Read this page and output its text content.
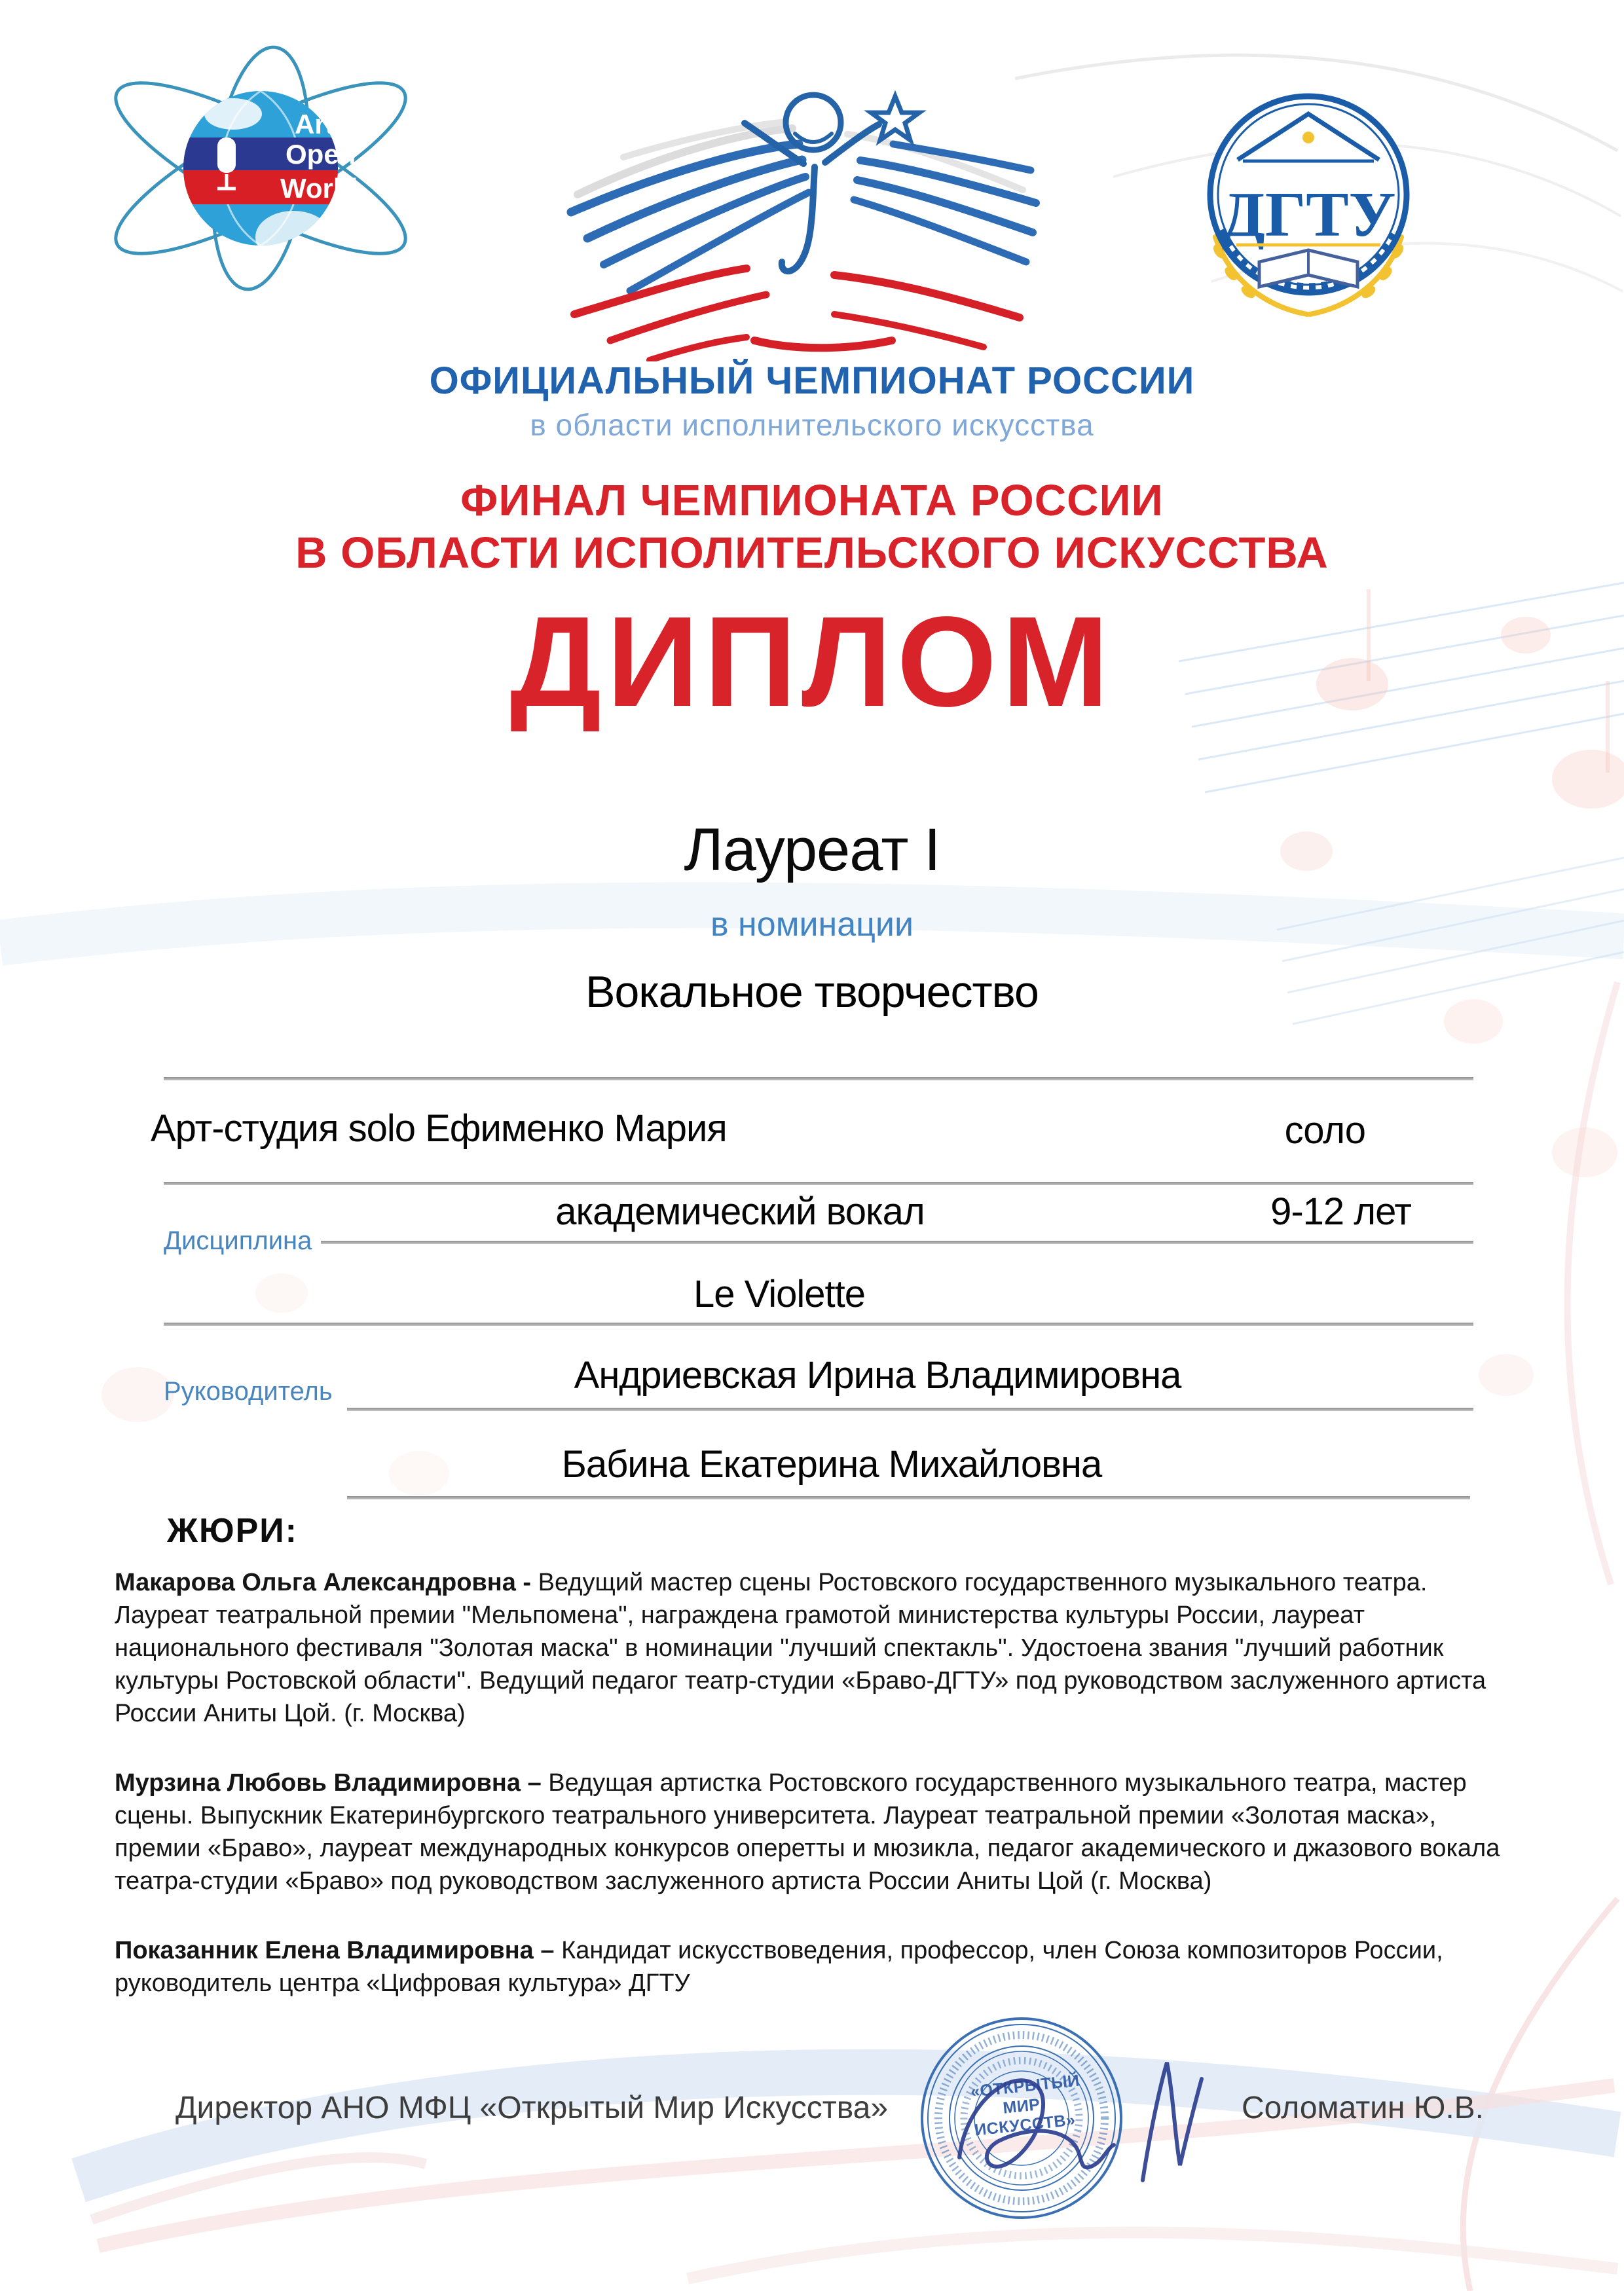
Art
Open
World	ДГТУ
ОФИЦИАЛЬНЫЙ ЧЕМПИОНАТ РОССИИ
в области исполнительского искусства
ФИНАЛ ЧЕМПИОНАТА РОССИИ
В ОБЛАСТИ ИСПОЛИТЕЛЬСКОГО ИСКУССТВА
ДИПЛОМ
Лауреат I
в номинации
Вокальное творчество
Арт-студия solo Ефименко Мария	соло
Дисциплина
академический вокал	9-12 лет
Le Violette
Руководитель	Андриевская Ирина Владимировна
Бабина Екатерина Михайловна
ЖЮРИ:

Макарова Ольга Александровна - Ведущий мастер сцены Ростовского государственного музыкального театра. Лауреат театральной премии "Мельпомена", награждена грамотой министерства культуры России, лауреат национального фестиваля "Золотая маска" в номинации "лучший спектакль". Удостоена звания "лучший работник культуры Ростовской области". Ведущий педагог театр-студии «Браво-ДГТУ» под руководством заслуженного артиста России Аниты Цой. (г. Москва)

Мурзина Любовь Владимировна – Ведущая артистка Ростовского государственного музыкального театра, мастер сцены. Выпускник Екатеринбургского театрального университета. Лауреат театральной премии «Золотая маска», премии «Браво», лауреат международных конкурсов оперетты и мюзикла, педагог академического и джазового вокала театра-студии «Браво» под руководством заслуженного артиста России Аниты Цой (г. Москва)

Показанник Елена Владимировна – Кандидат искусствоведения, профессор, член Союза композиторов России, руководитель центра «Цифровая культура» ДГТУ

Директор АНО МФЦ «Открытый Мир Искусства»	Соломатин Ю.В.
«ОТКРЫТЫЙ МИР ИСКУССТВ»
